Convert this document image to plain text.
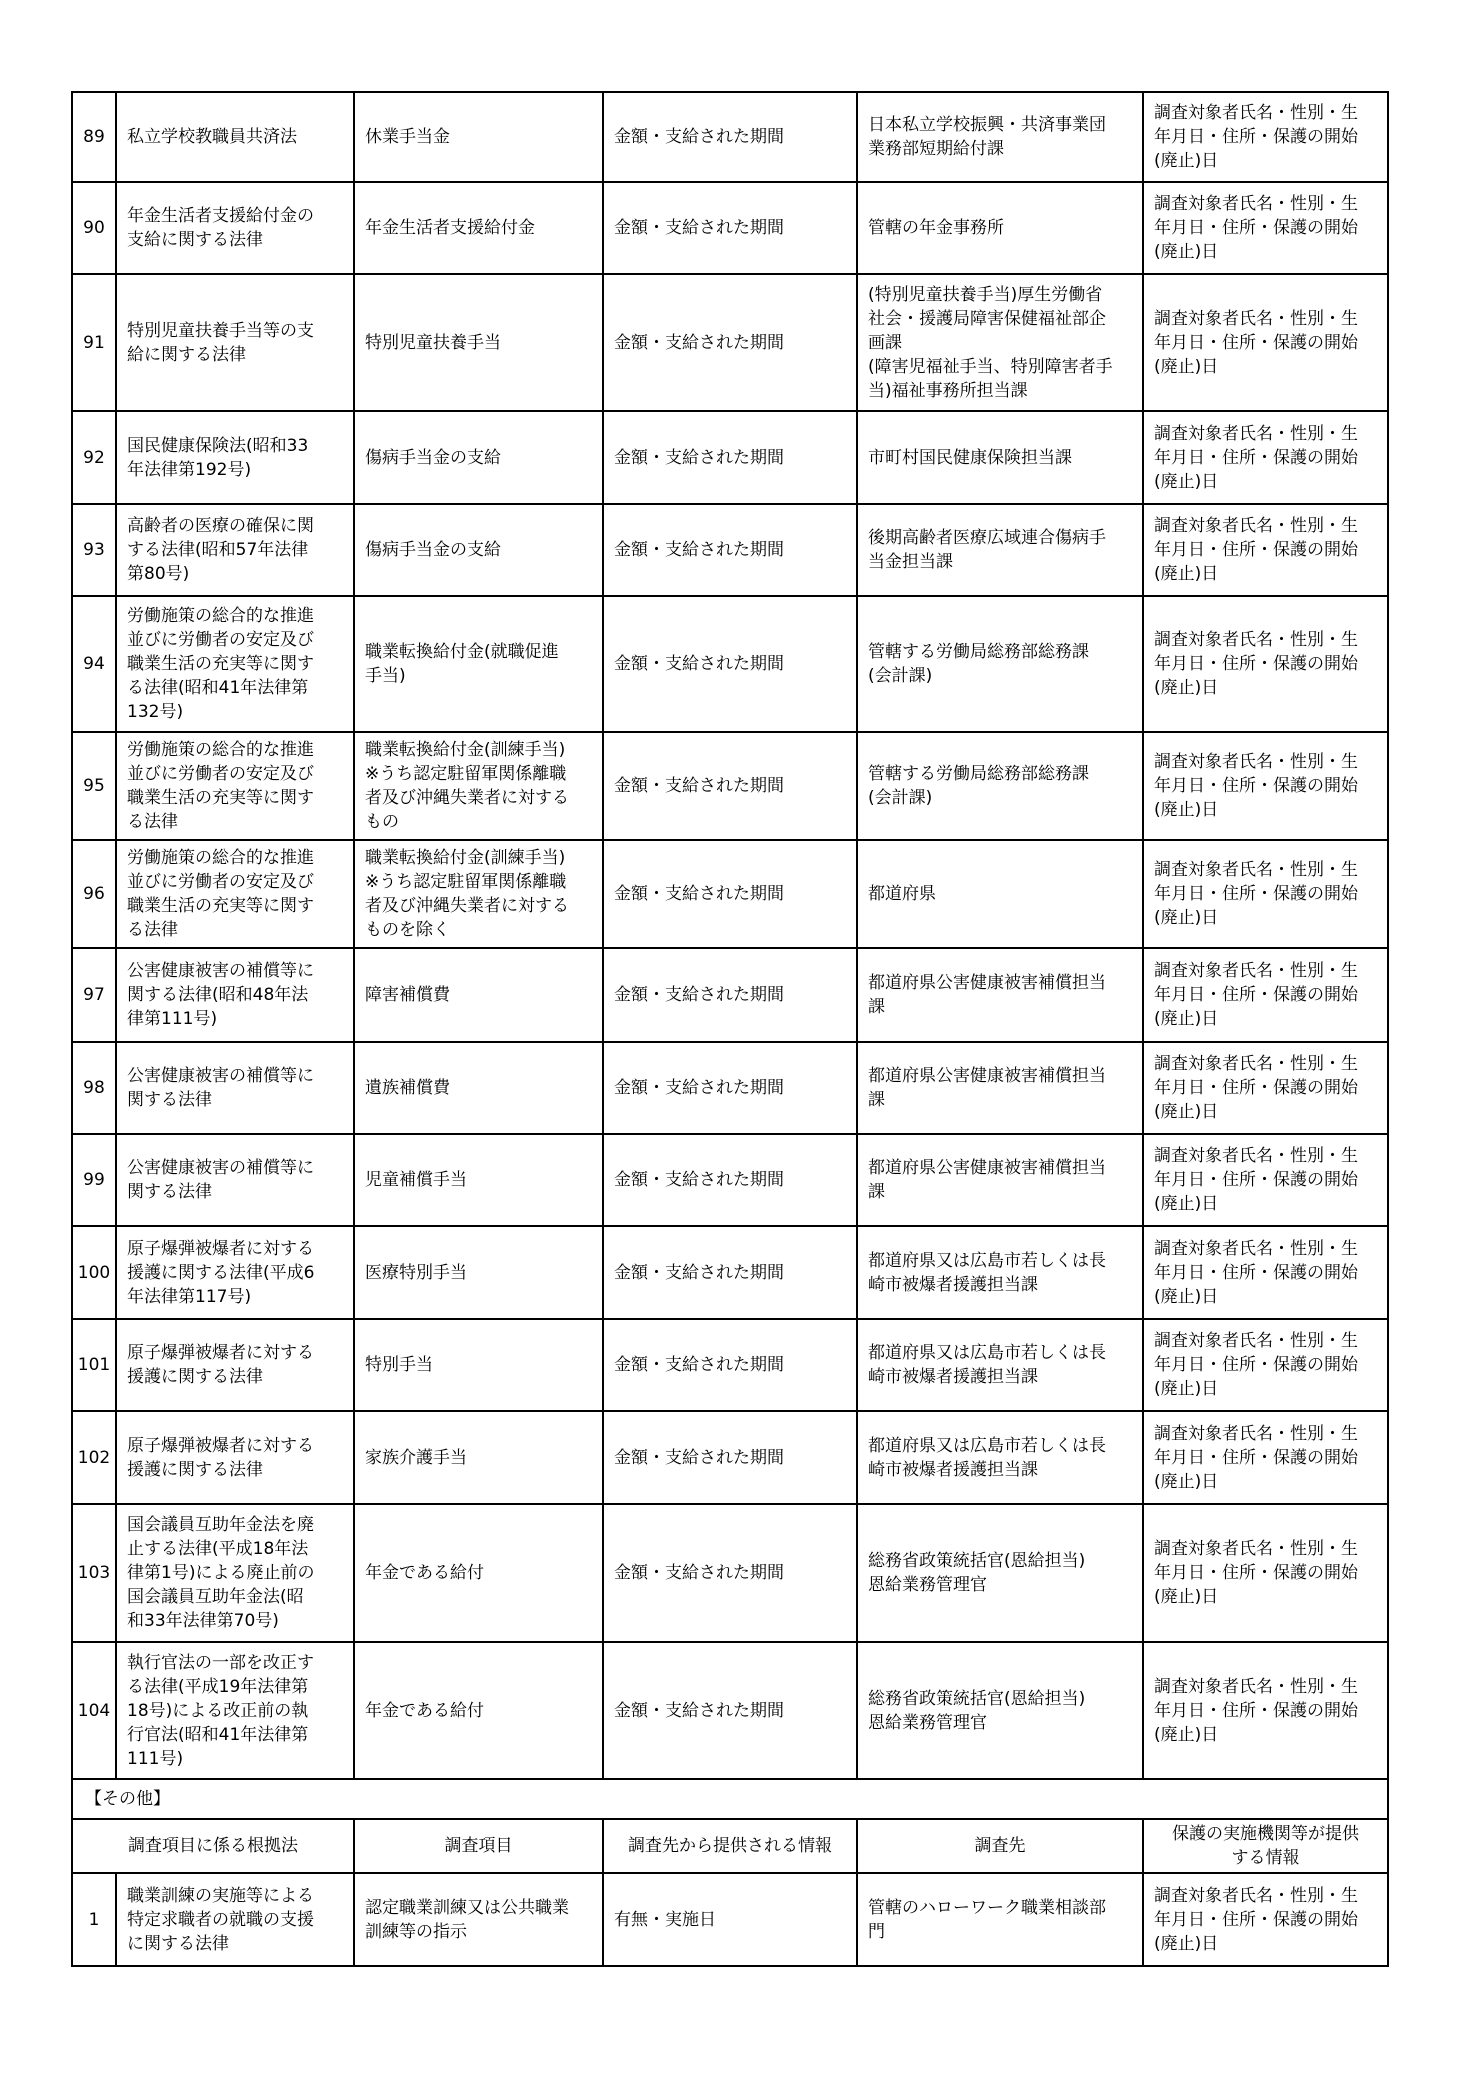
89	私立学校教職員共済法	休業手当金	金額・支給された期間	日本私立学校振興・共済事業団
業務部短期給付課	調査対象者氏名・性別・生
年月日・住所・保護の開始
(廃止)日
90	年金生活者支援給付金の
支給に関する法律	年金生活者支援給付金	金額・支給された期間	管轄の年金事務所	調査対象者氏名・性別・生
年月日・住所・保護の開始
(廃止)日
91	特別児童扶養手当等の支
給に関する法律	特別児童扶養手当	金額・支給された期間	(特別児童扶養手当)厚生労働省
社会・援護局障害保健福祉部企
画課
(障害児福祉手当、特別障害者手
当)福祉事務所担当課	調査対象者氏名・性別・生
年月日・住所・保護の開始
(廃止)日
92	国民健康保険法(昭和33
年法律第192号)	傷病手当金の支給	金額・支給された期間	市町村国民健康保険担当課	調査対象者氏名・性別・生
年月日・住所・保護の開始
(廃止)日
93	高齢者の医療の確保に関
する法律(昭和57年法律
第80号)	傷病手当金の支給	金額・支給された期間	後期高齢者医療広域連合傷病手
当金担当課	調査対象者氏名・性別・生
年月日・住所・保護の開始
(廃止)日
94	労働施策の総合的な推進
並びに労働者の安定及び
職業生活の充実等に関す
る法律(昭和41年法律第
132号)	職業転換給付金(就職促進
手当)	金額・支給された期間	管轄する労働局総務部総務課
(会計課)	調査対象者氏名・性別・生
年月日・住所・保護の開始
(廃止)日
95	労働施策の総合的な推進
並びに労働者の安定及び
職業生活の充実等に関す
る法律	職業転換給付金(訓練手当)
※うち認定駐留軍関係離職
者及び沖縄失業者に対する
もの	金額・支給された期間	管轄する労働局総務部総務課
(会計課)	調査対象者氏名・性別・生
年月日・住所・保護の開始
(廃止)日
96	労働施策の総合的な推進
並びに労働者の安定及び
職業生活の充実等に関す
る法律	職業転換給付金(訓練手当)
※うち認定駐留軍関係離職
者及び沖縄失業者に対する
ものを除く	金額・支給された期間	都道府県	調査対象者氏名・性別・生
年月日・住所・保護の開始
(廃止)日
97	公害健康被害の補償等に
関する法律(昭和48年法
律第111号)	障害補償費	金額・支給された期間	都道府県公害健康被害補償担当
課	調査対象者氏名・性別・生
年月日・住所・保護の開始
(廃止)日
98	公害健康被害の補償等に
関する法律	遺族補償費	金額・支給された期間	都道府県公害健康被害補償担当
課	調査対象者氏名・性別・生
年月日・住所・保護の開始
(廃止)日
99	公害健康被害の補償等に
関する法律	児童補償手当	金額・支給された期間	都道府県公害健康被害補償担当
課	調査対象者氏名・性別・生
年月日・住所・保護の開始
(廃止)日
100	原子爆弾被爆者に対する
援護に関する法律(平成6
年法律第117号)	医療特別手当	金額・支給された期間	都道府県又は広島市若しくは長
崎市被爆者援護担当課	調査対象者氏名・性別・生
年月日・住所・保護の開始
(廃止)日
101	原子爆弾被爆者に対する
援護に関する法律	特別手当	金額・支給された期間	都道府県又は広島市若しくは長
崎市被爆者援護担当課	調査対象者氏名・性別・生
年月日・住所・保護の開始
(廃止)日
102	原子爆弾被爆者に対する
援護に関する法律	家族介護手当	金額・支給された期間	都道府県又は広島市若しくは長
崎市被爆者援護担当課	調査対象者氏名・性別・生
年月日・住所・保護の開始
(廃止)日
103	国会議員互助年金法を廃
止する法律(平成18年法
律第1号)による廃止前の
国会議員互助年金法(昭
和33年法律第70号)	年金である給付	金額・支給された期間	総務省政策統括官(恩給担当)
恩給業務管理官	調査対象者氏名・性別・生
年月日・住所・保護の開始
(廃止)日
104	執行官法の一部を改正す
る法律(平成19年法律第
18号)による改正前の執
行官法(昭和41年法律第
111号)	年金である給付	金額・支給された期間	総務省政策統括官(恩給担当)
恩給業務管理官	調査対象者氏名・性別・生
年月日・住所・保護の開始
(廃止)日
【その他】					
調査項目に係る根拠法		調査項目	調査先から提供される情報	調査先	保護の実施機関等が提供
する情報
1	職業訓練の実施等による
特定求職者の就職の支援
に関する法律	認定職業訓練又は公共職業
訓練等の指示	有無・実施日	管轄のハローワーク職業相談部
門	調査対象者氏名・性別・生
年月日・住所・保護の開始
(廃止)日
